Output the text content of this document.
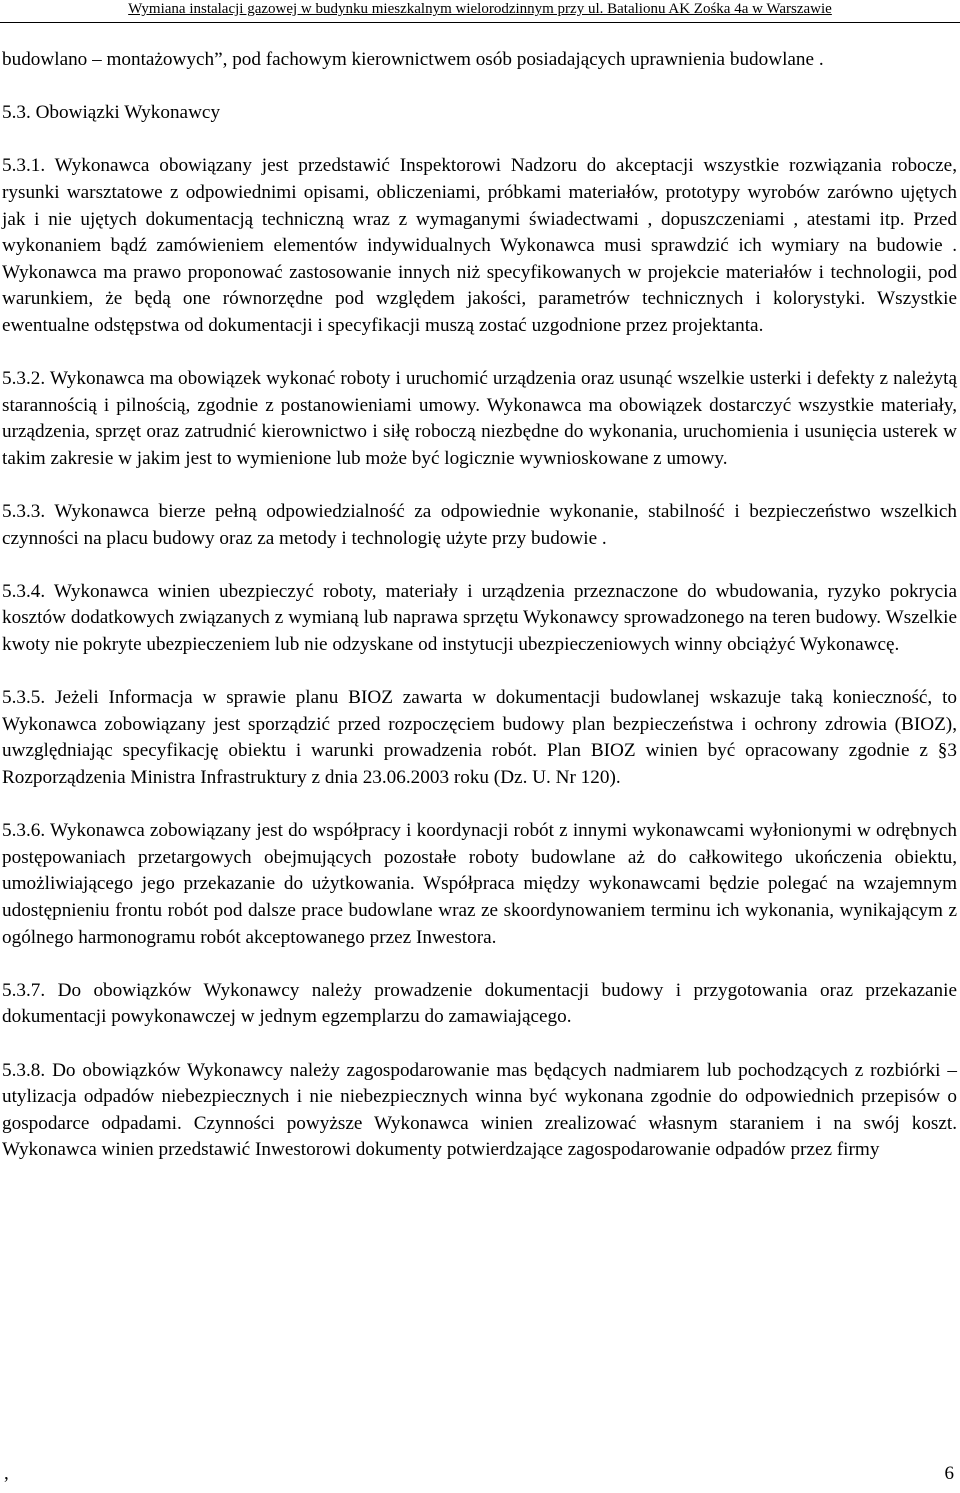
Wymiana instalacji gazowej w budynku mieszkalnym wielorodzinnym przy ul. Batalionu AK Zośka 4a w Warszawie

budowlano – montażowych”, pod fachowym kierownictwem osób posiadających uprawnienia budowlane .

5.3. Obowiązki Wykonawcy

5.3.1. Wykonawca obowiązany jest przedstawić Inspektorowi Nadzoru do akceptacji wszystkie rozwiązania robocze, rysunki warsztatowe z odpowiednimi opisami, obliczeniami, próbkami materiałów, prototypy wyrobów zarówno ujętych jak i nie ujętych dokumentacją techniczną wraz z wymaganymi świadectwami , dopuszczeniami , atestami itp. Przed wykonaniem bądź zamówieniem elementów indywidualnych Wykonawca musi sprawdzić ich wymiary na budowie . Wykonawca ma prawo proponować zastosowanie innych niż specyfikowanych w projekcie materiałów i technologii, pod warunkiem, że będą one równorzędne pod względem jakości, parametrów technicznych i kolorystyki. Wszystkie ewentualne odstępstwa od dokumentacji i specyfikacji muszą zostać uzgodnione przez projektanta.

5.3.2. Wykonawca ma obowiązek wykonać roboty i uruchomić urządzenia oraz usunąć wszelkie usterki i defekty z należytą starannością i pilnością, zgodnie z postanowieniami umowy. Wykonawca ma obowiązek dostarczyć wszystkie materiały, urządzenia, sprzęt oraz zatrudnić kierownictwo i siłę roboczą niezbędne do wykonania, uruchomienia i usunięcia usterek w takim zakresie w jakim jest to wymienione lub może być logicznie wywnioskowane z umowy.

5.3.3. Wykonawca bierze pełną odpowiedzialność za odpowiednie wykonanie, stabilność i bezpieczeństwo wszelkich czynności na placu budowy oraz za metody i technologię użyte przy budowie .

5.3.4. Wykonawca winien ubezpieczyć roboty, materiały i urządzenia przeznaczone do wbudowania, ryzyko pokrycia kosztów dodatkowych związanych z wymianą lub naprawa sprzętu Wykonawcy sprowadzonego na teren budowy. Wszelkie kwoty nie pokryte ubezpieczeniem lub nie odzyskane od instytucji ubezpieczeniowych winny obciążyć Wykonawcę.

5.3.5. Jeżeli Informacja w sprawie planu BIOZ zawarta w dokumentacji budowlanej wskazuje taką konieczność, to Wykonawca zobowiązany jest sporządzić przed rozpoczęciem budowy plan bezpieczeństwa i ochrony zdrowia (BIOZ), uwzględniając specyfikację obiektu i warunki prowadzenia robót. Plan BIOZ winien być opracowany zgodnie z §3 Rozporządzenia Ministra Infrastruktury z dnia 23.06.2003 roku (Dz. U. Nr 120).

5.3.6. Wykonawca zobowiązany jest do współpracy i koordynacji robót z innymi wykonawcami wyłonionymi w odrębnych postępowaniach przetargowych obejmujących pozostałe roboty budowlane aż do całkowitego ukończenia obiektu, umożliwiającego jego przekazanie do użytkowania. Współpraca między wykonawcami będzie polegać na wzajemnym udostępnieniu frontu robót pod dalsze prace budowlane wraz ze skoordynowaniem terminu ich wykonania, wynikającym z ogólnego harmonogramu robót akceptowanego przez Inwestora.

5.3.7. Do obowiązków Wykonawcy należy prowadzenie dokumentacji budowy i przygotowania oraz przekazanie dokumentacji powykonawczej w jednym egzemplarzu do zamawiającego.

5.3.8. Do obowiązków Wykonawcy należy zagospodarowanie mas będących nadmiarem lub pochodzących z rozbiórki – utylizacja odpadów niebezpiecznych i nie niebezpiecznych winna być wykonana zgodnie do odpowiednich przepisów o gospodarce odpadami. Czynności powyższe Wykonawca winien zrealizować własnym staraniem i na swój koszt. Wykonawca winien przedstawić Inwestorowi dokumenty potwierdzające zagospodarowanie odpadów przez firmy

,	6
